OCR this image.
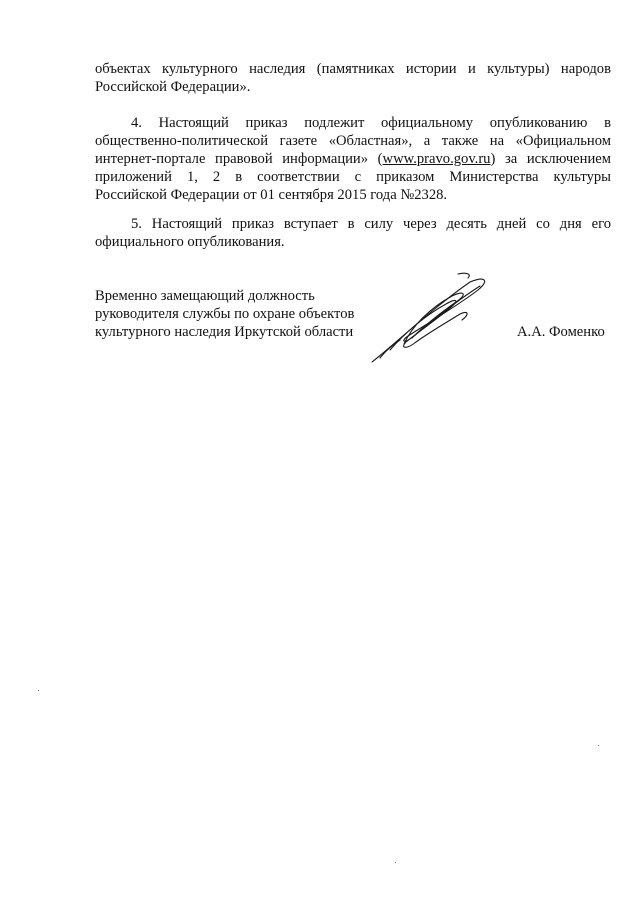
объектах культурного наследия (памятниках истории и культуры) народов
Российской Федерации».
4. Настоящий приказ подлежит официальному опубликованию в
общественно-политической газете «Областная», а также на «Официальном
интернет-портале правовой информации» (www.pravo.gov.ru) за исключением
приложений 1, 2 в соответствии с приказом Министерства культуры
Российской Федерации от 01 сентября 2015 года №2328.
5. Настоящий приказ вступает в силу через десять дней со дня его
официального опубликования.
Временно замещающий должность
руководителя службы по охране объектов
культурного наследия Иркутской области	А.А. Фоменко
